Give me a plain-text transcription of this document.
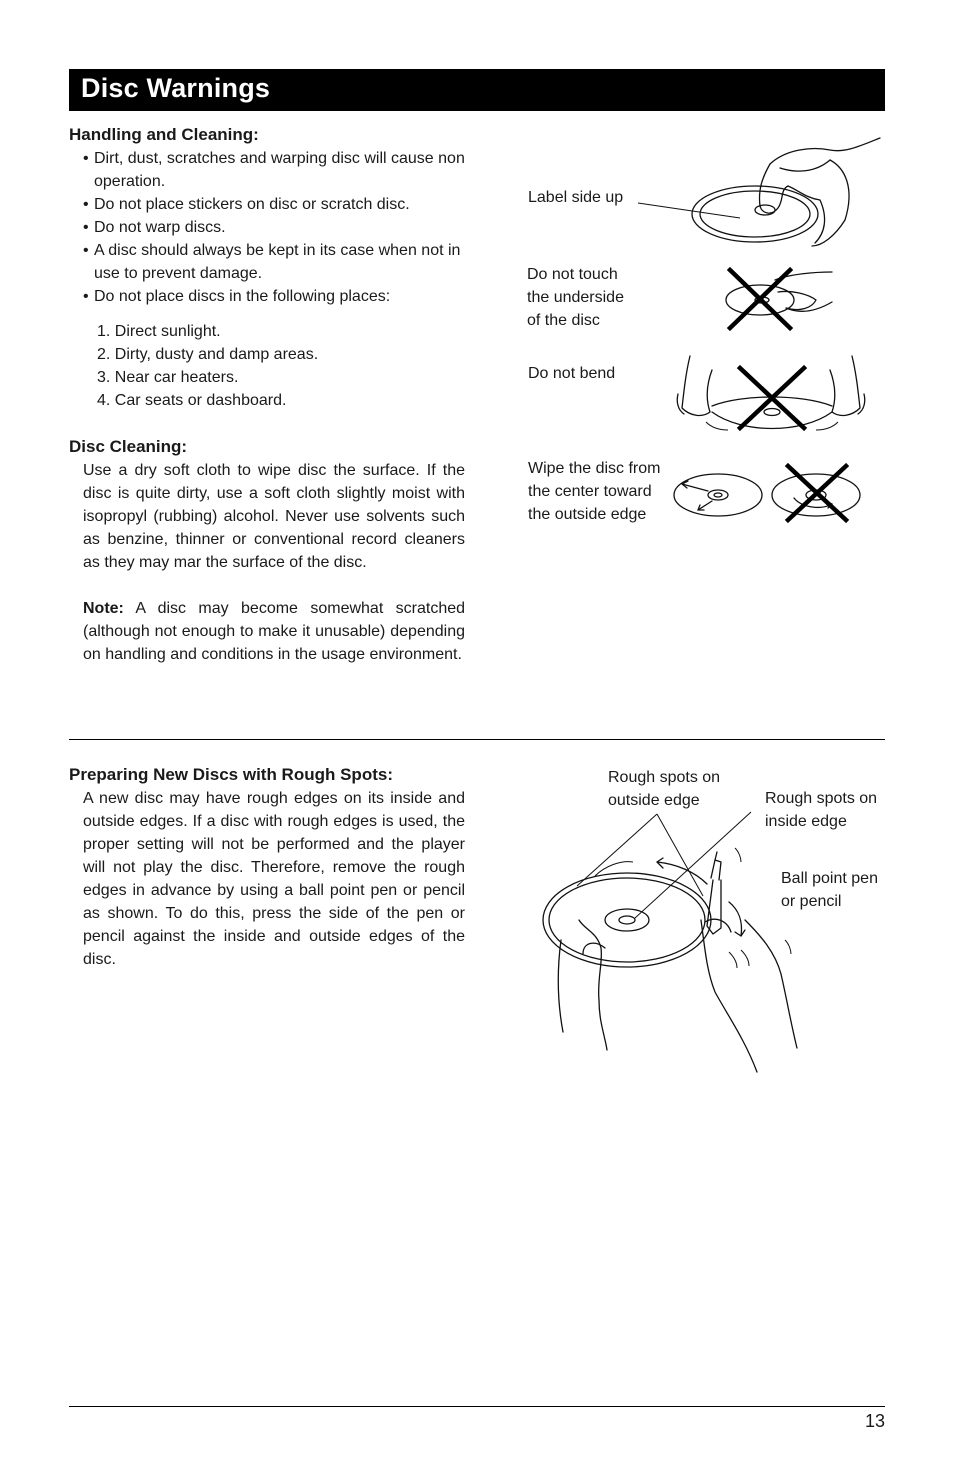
Disc Warnings

Handling and Cleaning:

• Dirt, dust, scratches and warping disc will cause non operation.
• Do not place stickers on disc or scratch disc.
• Do not warp discs.
• A disc should always be kept in its case when not in use to prevent damage.
• Do not place discs in the following places:
1. Direct sunlight.
2. Dirty, dusty and damp areas.
3. Near car heaters.
4. Car seats or dashboard.

Disc Cleaning:

Use a dry soft cloth to wipe disc the surface. If the disc is quite dirty, use a soft cloth slightly moist with isopropyl (rubbing) alcohol. Never use solvents such as benzine, thinner or conventional record cleaners as they may mar the surface of the disc.

Note: A disc may become somewhat scratched (although not enough to make it unusable) depending on handling and conditions in the usage environment.

Label side up
Do not touch
the underside
of the disc
Do not bend
Wipe the disc from
the center toward
the outside edge

Preparing New Discs with Rough Spots:

A new disc may have rough edges on its inside and outside edges. If a disc with rough edges is used, the proper setting will not be performed and the player will not play the disc. Therefore, remove the rough edges in advance by using a ball point pen or pencil as shown. To do this, press the side of the pen or pencil against the inside and outside edges of the disc.

Rough spots on
outside edge	Rough spots on
inside edge
Ball point pen
or pencil
13
